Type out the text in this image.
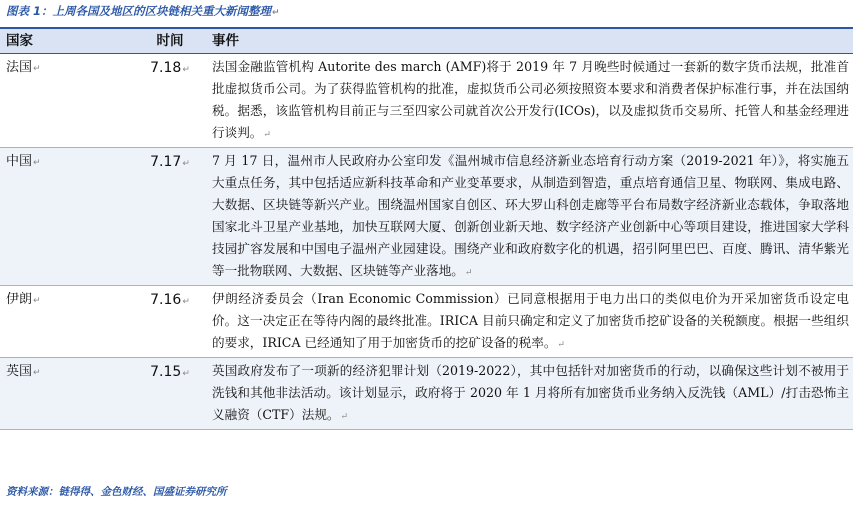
图表 1：上周各国及地区的区块链相关重大新闻整理↵
国家	时间	事件
法国↵	7.18↵	法国金融监管机构 Autorite des march (AMF)将于 2019 年 7 月晚些时候通过一套新的数字货币法规，批准首批虚拟货币公司。为了获得监管机构的批准，虚拟货币公司必须按照资本要求和消费者保护标准行事，并在法国纳税。据悉，该监管机构目前正与三至四家公司就首次公开发行(ICOs)，以及虚拟货币交易所、托管人和基金经理进行谈判。↵
中国↵	7.17↵	7 月 17 日，温州市人民政府办公室印发《温州城市信息经济新业态培育行动方案（2019-2021 年）》，将实施五大重点任务，其中包括适应新科技革命和产业变革要求，从制造到智造，重点培育通信卫星、物联网、集成电路、大数据、区块链等新兴产业。围绕温州国家自创区、环大罗山科创走廊等平台布局数字经济新业态载体，争取落地国家北斗卫星产业基地，加快互联网大厦、创新创业新天地、数字经济产业创新中心等项目建设，推进国家大学科技园扩容发展和中国电子温州产业园建设。围绕产业和政府数字化的机遇，招引阿里巴巴、百度、腾讯、清华紫光等一批物联网、大数据、区块链等产业落地。↵
伊朗↵	7.16↵	伊朗经济委员会（Iran Economic Commission）已同意根据用于电力出口的类似电价为开采加密货币设定电价。这一决定正在等待内阁的最终批准。IRICA 目前只确定和定义了加密货币挖矿设备的关税额度。根据一些组织的要求，IRICA 已经通知了用于加密货币的挖矿设备的税率。↵
英国↵	7.15↵	英国政府发布了一项新的经济犯罪计划（2019-2022），其中包括针对加密货币的行动，以确保这些计划不被用于洗钱和其他非法活动。该计划显示，政府将于 2020 年 1 月将所有加密货币业务纳入反洗钱（AML）/打击恐怖主义融资（CTF）法规。↵
资料来源：链得得、金色财经、国盛证券研究所
